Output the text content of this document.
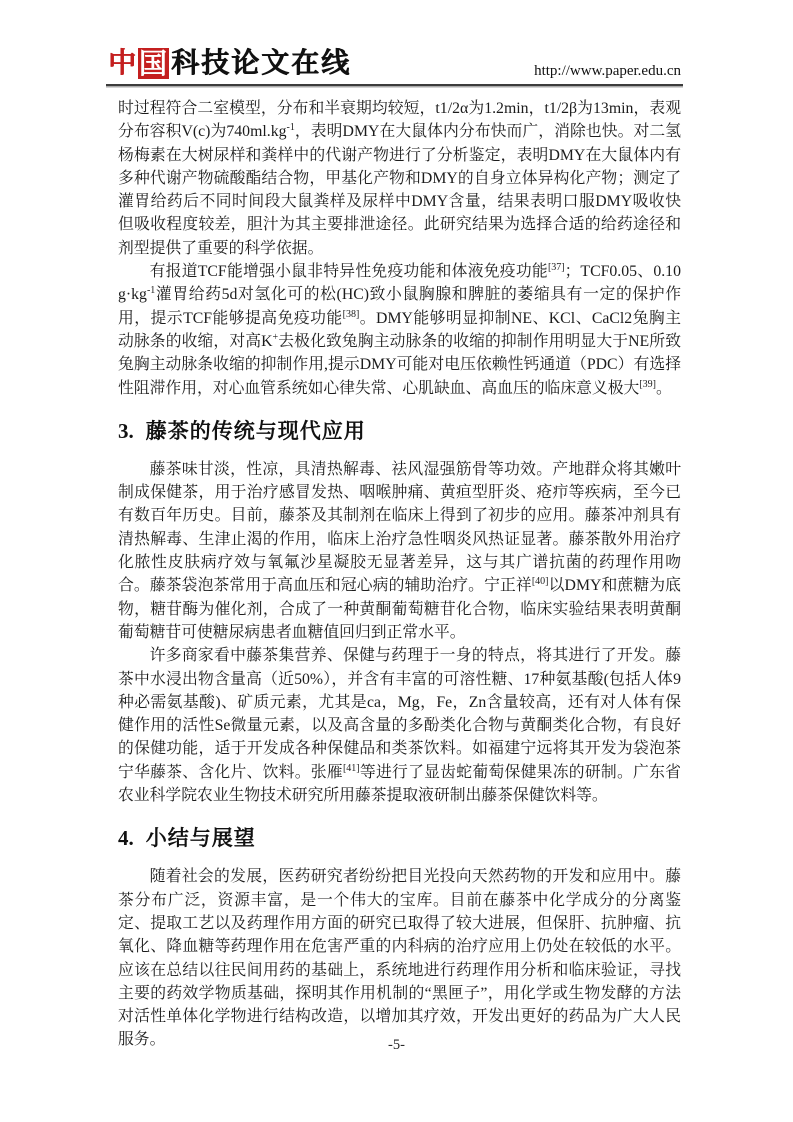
中国 科技论文在线	http://www.paper.edu.cn

时过程符合二室模型，分布和半衰期均较短，t1/2α为1.2min，t1/2β为13min，表观分布容积V(c)为$740ml.kg^{-1}$，表明DMY在大鼠体内分布快而广，消除也快。对二氢杨梅素在大树尿样和粪样中的代谢产物进行了分析鉴定，表明DMY在大鼠体内有多种代谢产物硫酸酯结合物，甲基化产物和DMY的自身立体异构化产物；测定了灌胃给药后不同时间段大鼠粪样及尿样中DMY含量，结果表明口服DMY吸收快但吸收程度较差，胆汁为其主要排泄途径。此研究结果为选择合适的给药途径和剂型提供了重要的科学依据。

有报道TCF能增强小鼠非特异性免疫功能和体液免疫功能[37]；TCF0.05、0.10 $g\cdot kg^{-1}$灌胃给药5d对氢化可的松(HC)致小鼠胸腺和脾脏的萎缩具有一定的保护作用，提示TCF能够提高免疫功能[38]。DMY能够明显抑制NE、KCl、CaCl2兔胸主动脉条的收缩，对高K+去极化致兔胸主动脉条的收缩的抑制作用明显大于NE所致兔胸主动脉条收缩的抑制作用,提示DMY可能对电压依赖性钙通道（PDC）有选择性阻滞作用，对心血管系统如心律失常、心肌缺血、高血压的临床意义极大[39]。

3. 藤茶的传统与现代应用

藤茶味甘淡，性凉，具清热解毒、祛风湿强筋骨等功效。产地群众将其嫩叶制成保健茶，用于治疗感冒发热、咽喉肿痛、黄疸型肝炎、疮疖等疾病，至今已有数百年历史。目前，藤茶及其制剂在临床上得到了初步的应用。藤茶冲剂具有清热解毒、生津止渴的作用，临床上治疗急性咽炎风热证显著。藤茶散外用治疗化脓性皮肤病疗效与氧氟沙星凝胶无显著差异，这与其广谱抗菌的药理作用吻合。藤茶袋泡茶常用于高血压和冠心病的辅助治疗。宁正祥[40]以DMY和蔗糖为底物，糖苷酶为催化剂，合成了一种黄酮葡萄糖苷化合物，临床实验结果表明黄酮葡萄糖苷可使糖尿病患者血糖值回归到正常水平。

许多商家看中藤茶集营养、保健与药理于一身的特点，将其进行了开发。藤茶中水浸出物含量高（近50%），并含有丰富的可溶性糖、17种氨基酸(包括人体9种必需氨基酸)、矿质元素，尤其是ca，Mg，Fe，Zn含量较高，还有对人体有保健作用的活性Se微量元素，以及高含量的多酚类化合物与黄酮类化合物，有良好的保健功能，适于开发成各种保健品和类茶饮料。如福建宁远将其开发为袋泡茶宁华藤茶、含化片、饮料。张雁[41]等进行了显齿蛇葡萄保健果冻的研制。广东省农业科学院农业生物技术研究所用藤茶提取液研制出藤茶保健饮料等。

4. 小结与展望

随着社会的发展，医药研究者纷纷把目光投向天然药物的开发和应用中。藤茶分布广泛，资源丰富，是一个伟大的宝库。目前在藤茶中化学成分的分离鉴定、提取工艺以及药理作用方面的研究已取得了较大进展，但保肝、抗肿瘤、抗氧化、降血糖等药理作用在危害严重的内科病的治疗应用上仍处在较低的水平。应该在总结以往民间用药的基础上，系统地进行药理作用分析和临床验证，寻找主要的药效学物质基础，探明其作用机制的“黑匣子”，用化学或生物发酵的方法对活性单体化学物进行结构改造，以增加其疗效，开发出更好的药品为广大人民服务。	-5-
